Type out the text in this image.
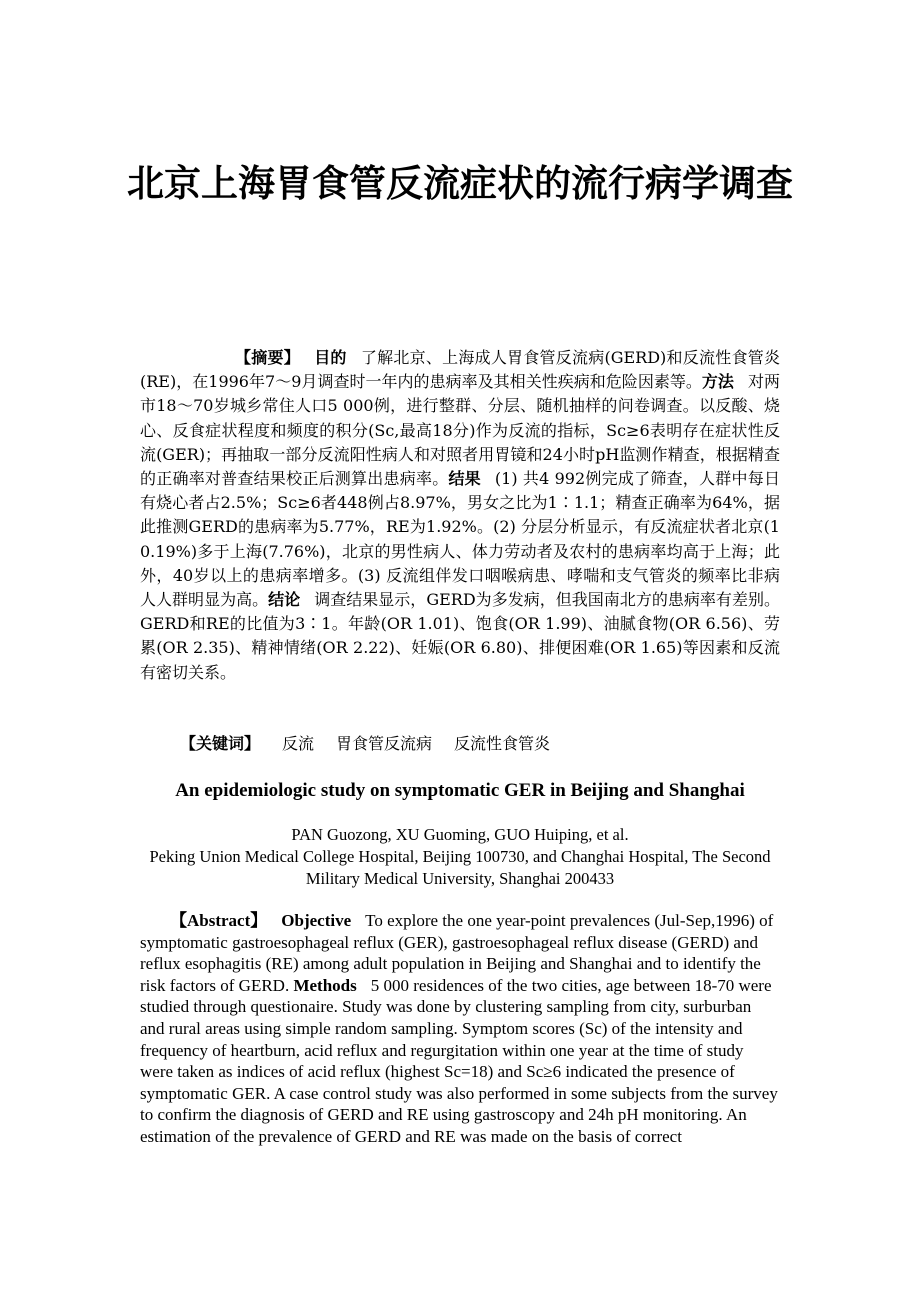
北京上海胃食管反流症状的流行病学调查
【摘要】 目的 了解北京、上海成人胃食管反流病(GERD)和反流性食管炎(RE)，在1996年7～9月调查时一年内的患病率及其相关性疾病和危险因素等。方法 对两市18～70岁城乡常住人口5 000例，进行整群、分层、随机抽样的问卷调查。以反酸、烧心、反食症状程度和频度的积分(Sc,最高18分)作为反流的指标，Sc≥6表明存在症状性反流(GER)；再抽取一部分反流阳性病人和对照者用胃镜和24小时pH监测作精查，根据精查的正确率对普查结果校正后测算出患病率。结果 (1) 共4 992例完成了筛查，人群中每日有烧心者占2.5%；Sc≥6者448例占8.97%，男女之比为1∶1.1；精查正确率为64%，据此推测GERD的患病率为5.77%，RE为1.92%。(2) 分层分析显示，有反流症状者北京(10.19%)多于上海(7.76%)，北京的男性病人、体力劳动者及农村的患病率均高于上海；此外，40岁以上的患病率增多。(3) 反流组伴发口咽喉病患、哮喘和支气管炎的频率比非病人人群明显为高。结论 调查结果显示，GERD为多发病，但我国南北方的患病率有差别。GERD和RE的比值为3∶1。年龄(OR 1.01)、饱食(OR 1.99)、油腻食物(OR 6.56)、劳累(OR 2.35)、精神情绪(OR 2.22)、妊娠(OR 6.80)、排便困难(OR 1.65)等因素和反流有密切关系。
【关键词】 反流 胃食管反流病 反流性食管炎
An epidemiologic study on symptomatic GER in Beijing and Shanghai
PAN Guozong, XU Guoming, GUO Huiping, et al.
Peking Union Medical College Hospital, Beijing 100730, and Changhai Hospital, The Second Military Medical University, Shanghai 200433
【Abstract】 Objective To explore the one year-point prevalences (Jul-Sep,1996) of symptomatic gastroesophageal reflux (GER), gastroesophageal reflux disease (GERD) and reflux esophagitis (RE) among adult population in Beijing and Shanghai and to identify the risk factors of GERD. Methods 5 000 residences of the two cities, age between 18-70 were studied through questionaire. Study was done by clustering sampling from city, surburban and rural areas using simple random sampling. Symptom scores (Sc) of the intensity and frequency of heartburn, acid reflux and regurgitation within one year at the time of study were taken as indices of acid reflux (highest Sc=18) and Sc≥6 indicated the presence of symptomatic GER. A case control study was also performed in some subjects from the survey to confirm the diagnosis of GERD and RE using gastroscopy and 24h pH monitoring. An estimation of the prevalence of GERD and RE was made on the basis of correct
